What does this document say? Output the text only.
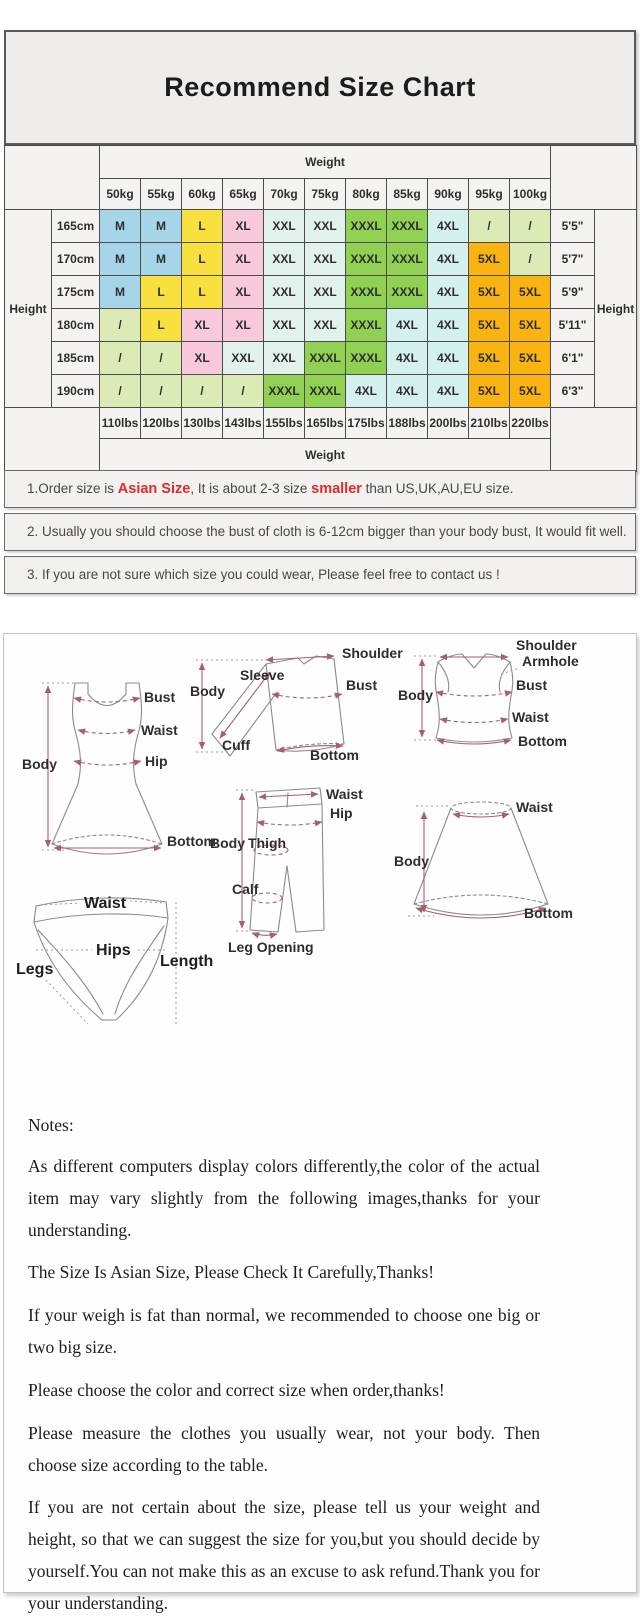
Recommend Size Chart
		Weight												
		50kg	55kg	60kg	65kg	70kg	75kg	80kg	85kg	90kg	95kg	100kg		
Height	165cm	M	M	L	XL	XXL	XXL	XXXL	XXXL	4XL	/	/	5'5"	Height
	170cm	M	M	L	XL	XXL	XXL	XXXL	XXXL	4XL	5XL	/	5'7"	
	175cm	M	L	L	XL	XXL	XXL	XXXL	XXXL	4XL	5XL	5XL	5'9"	
	180cm	/	L	XL	XL	XXL	XXL	XXXL	4XL	4XL	5XL	5XL	5'11"	
	185cm	/	/	XL	XXL	XXL	XXXL	XXXL	4XL	4XL	5XL	5XL	6'1"	
	190cm	/	/	/	/	XXXL	XXXL	4XL	4XL	4XL	5XL	5XL	6'3"	
		110lbs	120lbs	130lbs	143lbs	155lbs	165lbs	175lbs	188lbs	200lbs	210lbs	220lbs		
		Weight												
1.Order size is Asian Size, It is about 2-3 size smaller than US,UK,AU,EU size.
2. Usually you should choose the bust of cloth is 6-12cm bigger than your body bust, It would fit well.
3. If you are not sure which size you could wear, Please feel free to contact us !
Body
Bust
Waist
Hip
Bottom
Shoulder
Sleeve
Body	Bust
Cuff
Bottom
Shoulder
Armhole
Body
Bust
Waist
Bottom
Waist
Hip
Body Thigh
Calf
Leg Opening
Waist
Body
Bottom
Waist
Hips
Legs	Length

Notes:

As different computers display colors differently,the color of the actual item may vary slightly from the following images,thanks for your understanding.

The Size Is Asian Size, Please Check It Carefully,Thanks!

If your weigh is fat than normal, we recommended to choose one big or two big size.

Please choose the color and correct size when order,thanks!

Please measure the clothes you usually wear, not your body. Then choose size according to the table.

If you are not certain about the size, please tell us your weight and height, so that we can suggest the size for you,but you should decide by yourself.You can not make this as an excuse to ask refund.Thank you for your understanding.
